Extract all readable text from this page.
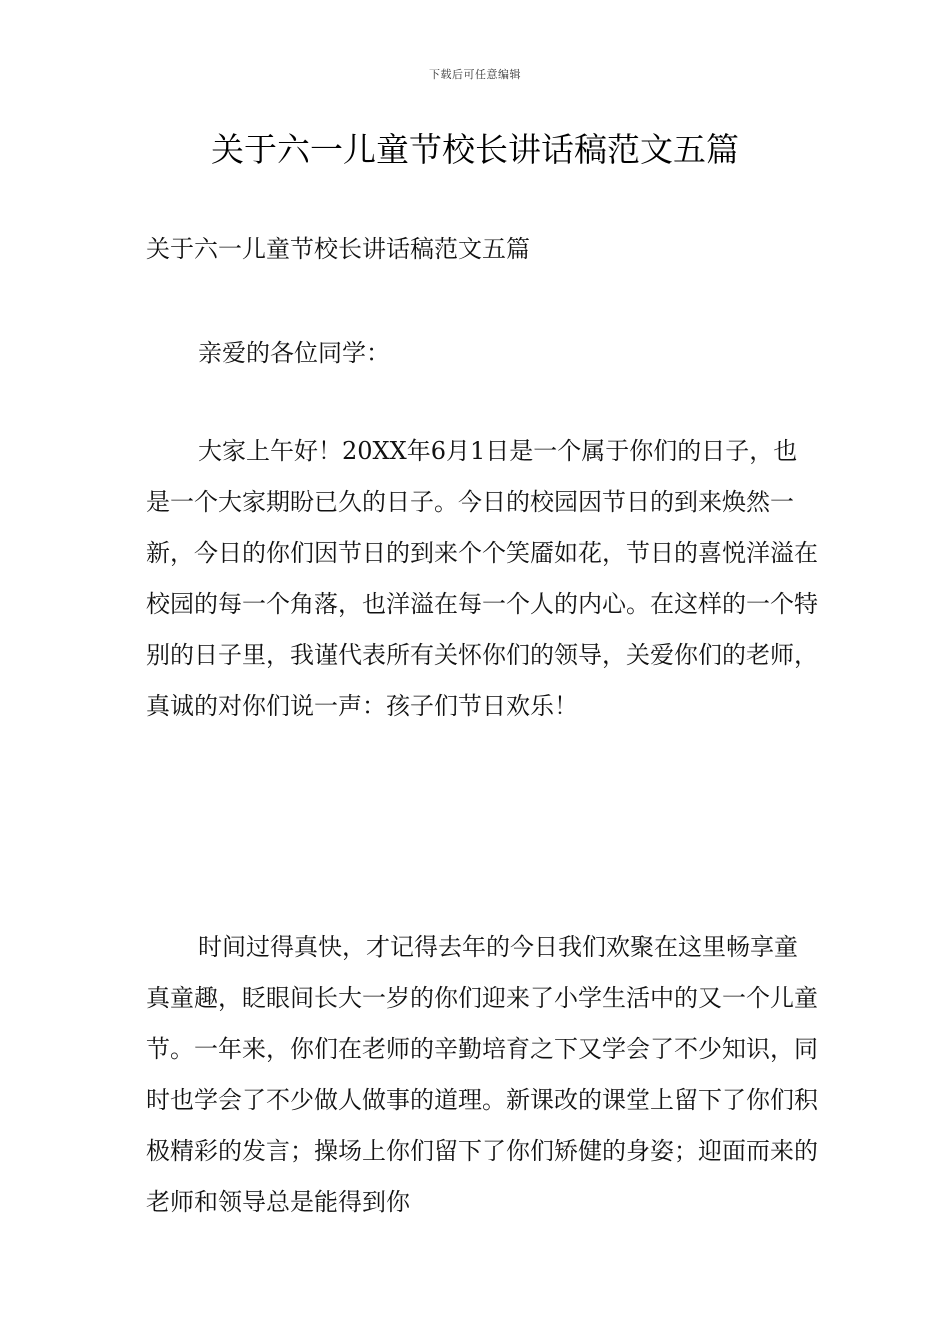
下载后可任意编辑
关于六一儿童节校长讲话稿范文五篇

关于六一儿童节校长讲话稿范文五篇

亲爱的各位同学：

大家上午好！20XX年6月1日是一个属于你们的日子，也是一个大家期盼已久的日子。今日的校园因节日的到来焕然一新，今日的你们因节日的到来个个笑靥如花，节日的喜悦洋溢在校园的每一个角落，也洋溢在每一个人的内心。在这样的一个特别的日子里，我谨代表所有关怀你们的领导，关爱你们的老师，真诚的对你们说一声：孩子们节日欢乐！

时间过得真快，才记得去年的今日我们欢聚在这里畅享童真童趣，眨眼间长大一岁的你们迎来了小学生活中的又一个儿童节。一年来，你们在老师的辛勤培育之下又学会了不少知识，同时也学会了不少做人做事的道理。新课改的课堂上留下了你们积极精彩的发言；操场上你们留下了你们矫健的身姿；迎面而来的老师和领导总是能得到你
